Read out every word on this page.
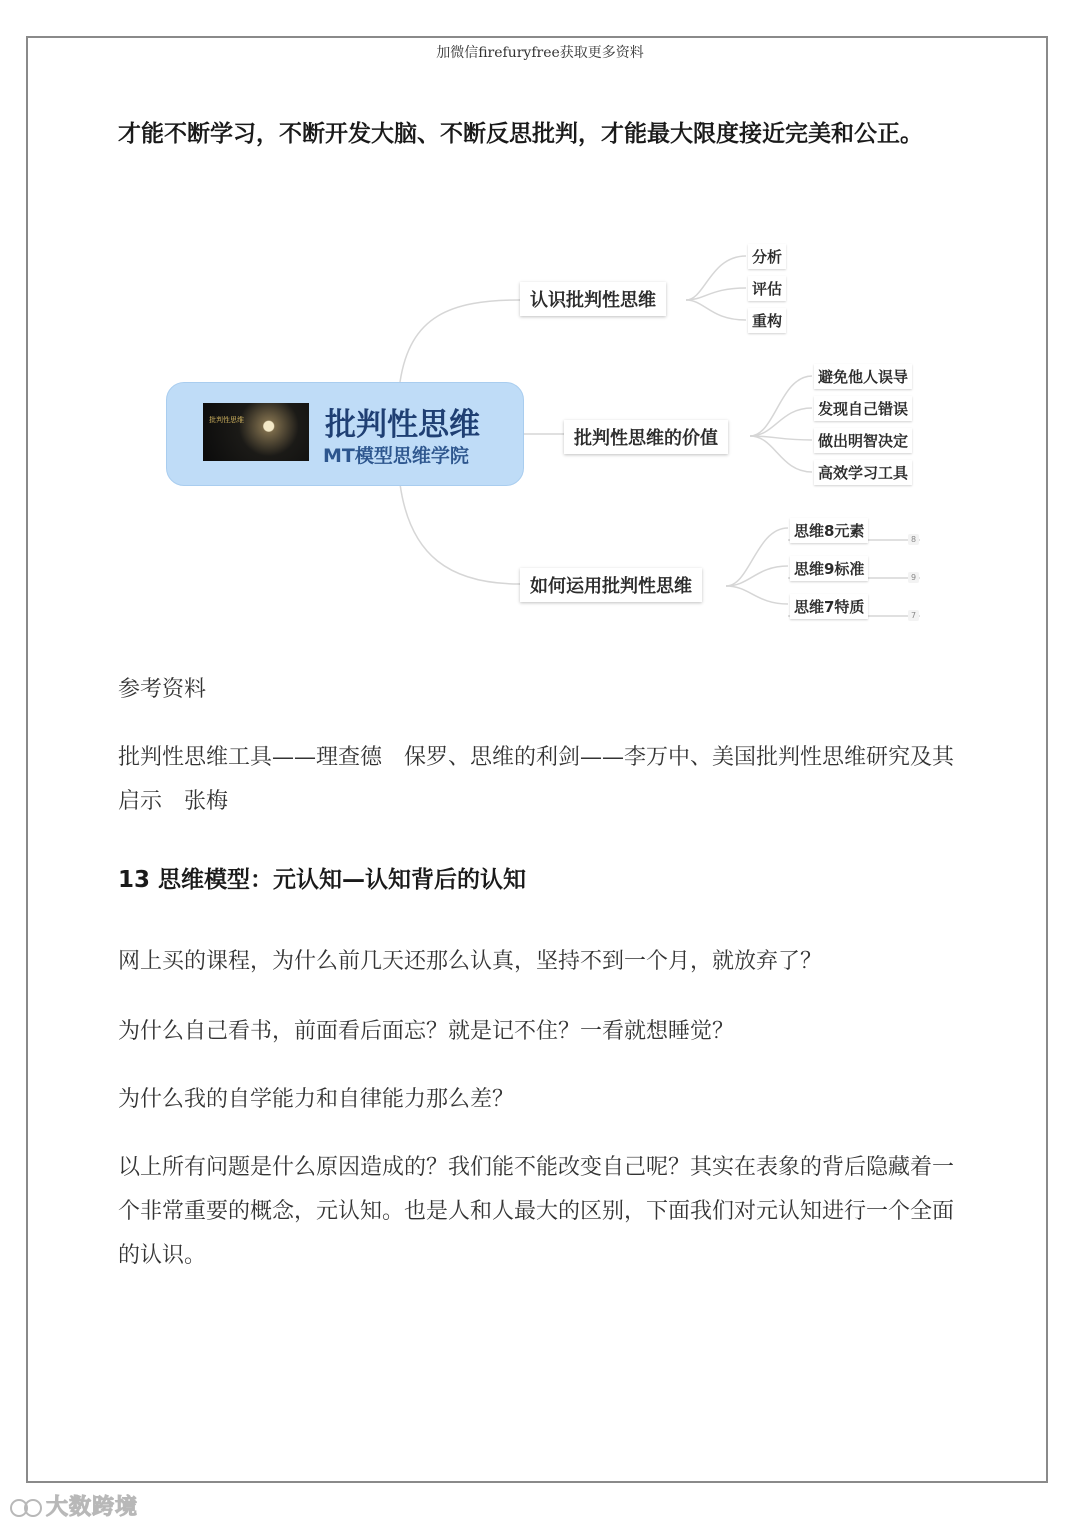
加微信firefuryfree获取更多资料
才能不断学习，不断开发大脑、不断反思批判，才能最大限度接近完美和公正。
批判性思维	批判性思维
MT模型思维学院
认识批判性思维
分析
评估
重构
批判性思维的价值
避免他人误导
发现自己错误
做出明智决定
高效学习工具
如何运用批判性思维
思维8元素
思维9标准
思维7特质
8
9
7
参考资料
批判性思维工具——理查德　保罗、思维的利剑——李万中、美国批判性思维研究及其启示　张梅
13 思维模型：元认知—认知背后的认知
网上买的课程，为什么前几天还那么认真，坚持不到一个月，就放弃了？
为什么自己看书，前面看后面忘？就是记不住？一看就想睡觉？
为什么我的自学能力和自律能力那么差？
以上所有问题是什么原因造成的？我们能不能改变自己呢？其实在表象的背后隐藏着一个非常重要的概念，元认知。也是人和人最大的区别，下面我们对元认知进行一个全面的认识。
大数跨境
